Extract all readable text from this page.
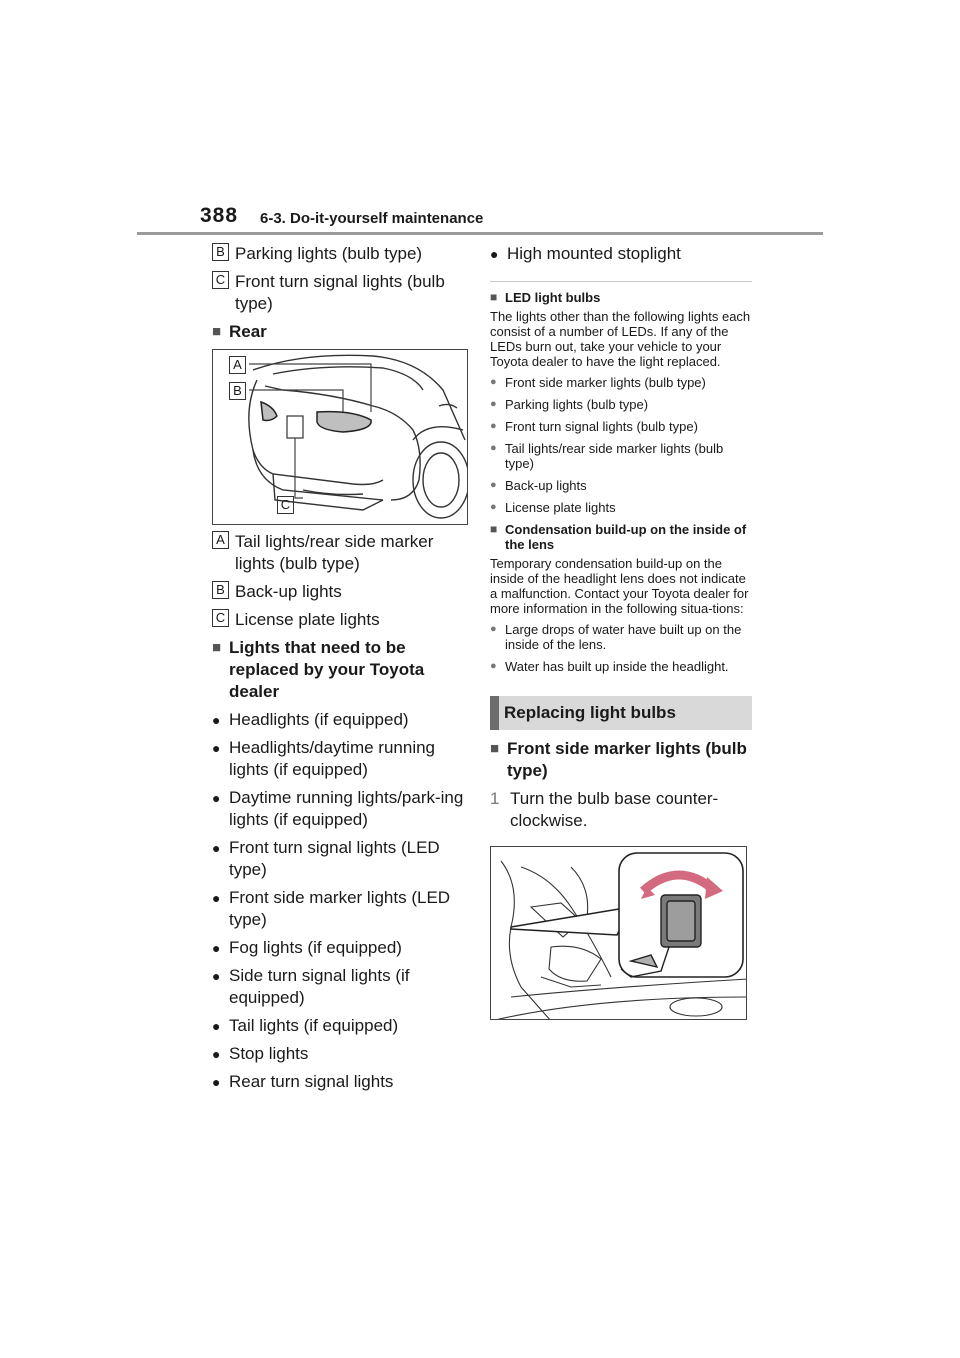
388 6-3. Do-it-yourself maintenance
B Parking lights (bulb type)
C Front turn signal lights (bulb type)
■ Rear
A
B
C
A Tail lights/rear side marker lights (bulb type)
B Back-up lights
C License plate lights
■ Lights that need to be replaced by your Toyota dealer
● Headlights (if equipped)
● Headlights/daytime running lights (if equipped)
● Daytime running lights/park-ing lights (if equipped)
● Front turn signal lights (LED type)
● Front side marker lights (LED type)
● Fog lights (if equipped)
● Side turn signal lights (if equipped)
● Tail lights (if equipped)
● Stop lights
● Rear turn signal lights
● High mounted stoplight
■ LED light bulbs
The lights other than the following lights each consist of a number of LEDs. If any of the LEDs burn out, take your vehicle to your Toyota dealer to have the light replaced.
● Front side marker lights (bulb type)
● Parking lights (bulb type)
● Front turn signal lights (bulb type)
● Tail lights/rear side marker lights (bulb type)
● Back-up lights
● License plate lights
■ Condensation build-up on the inside of the lens
Temporary condensation build-up on the inside of the headlight lens does not indicate a malfunction. Contact your Toyota dealer for more information in the following situa-tions:
● Large drops of water have built up on the inside of the lens.
● Water has built up inside the headlight.
Replacing light bulbs
■ Front side marker lights (bulb type)
1 Turn the bulb base counter-clockwise.
